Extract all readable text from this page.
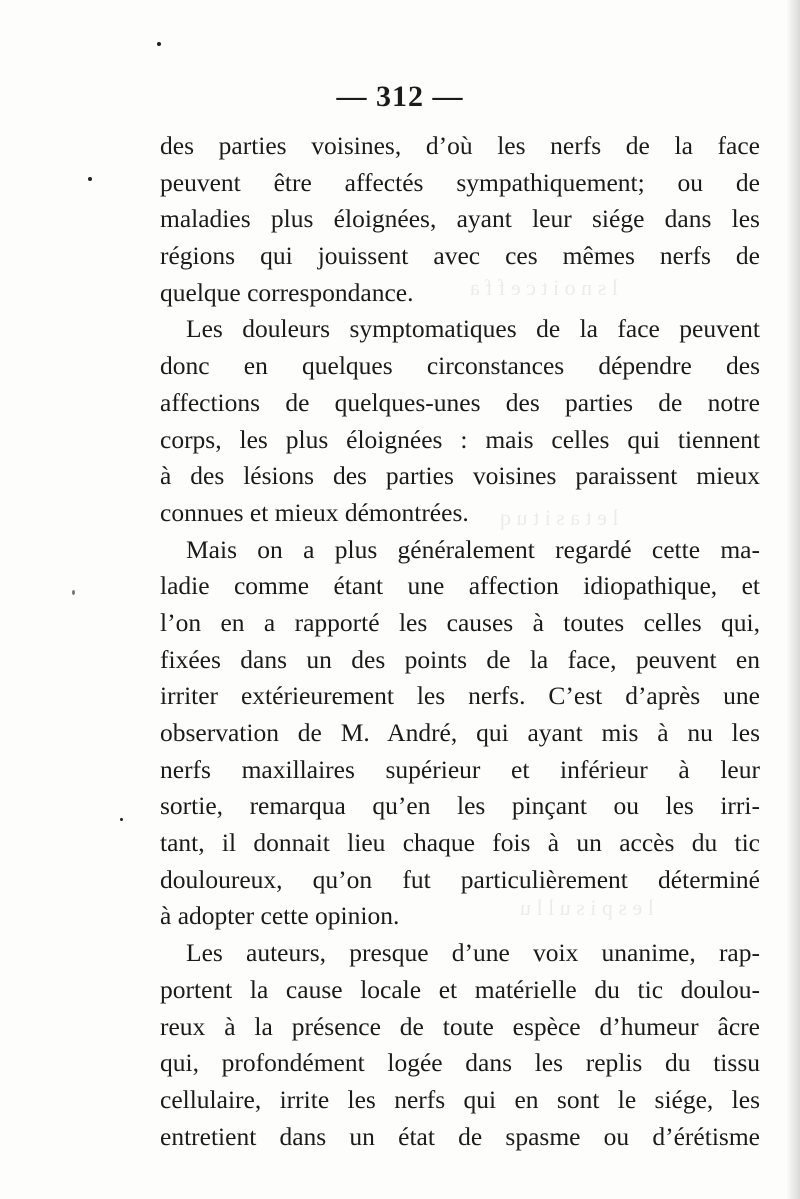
l s n o i t c e f f a
l e t a s i t u q
l e s p i s u l l u
— 312 —
des parties voisines, d’où les nerfs de la face
peuvent être affectés sympathiquement; ou de
maladies plus éloignées, ayant leur siége dans les
régions qui jouissent avec ces mêmes nerfs de
quelque correspondance.
Les douleurs symptomatiques de la face peuvent
donc en quelques circonstances dépendre des
affections de quelques-unes des parties de notre
corps, les plus éloignées : mais celles qui tiennent
à des lésions des parties voisines paraissent mieux
connues et mieux démontrées.
Mais on a plus généralement regardé cette ma-
ladie comme étant une affection idiopathique, et
l’on en a rapporté les causes à toutes celles qui,
fixées dans un des points de la face, peuvent en
irriter extérieurement les nerfs. C’est d’après une
observation de M. André, qui ayant mis à nu les
nerfs maxillaires supérieur et inférieur à leur
sortie, remarqua qu’en les pinçant ou les irri-
tant, il donnait lieu chaque fois à un accès du tic
douloureux, qu’on fut particulièrement déterminé
à adopter cette opinion.
Les auteurs, presque d’une voix unanime, rap-
portent la cause locale et matérielle du tic doulou-
reux à la présence de toute espèce d’humeur âcre
qui, profondément logée dans les replis du tissu
cellulaire, irrite les nerfs qui en sont le siége, les
entretient dans un état de spasme ou d’érétisme
